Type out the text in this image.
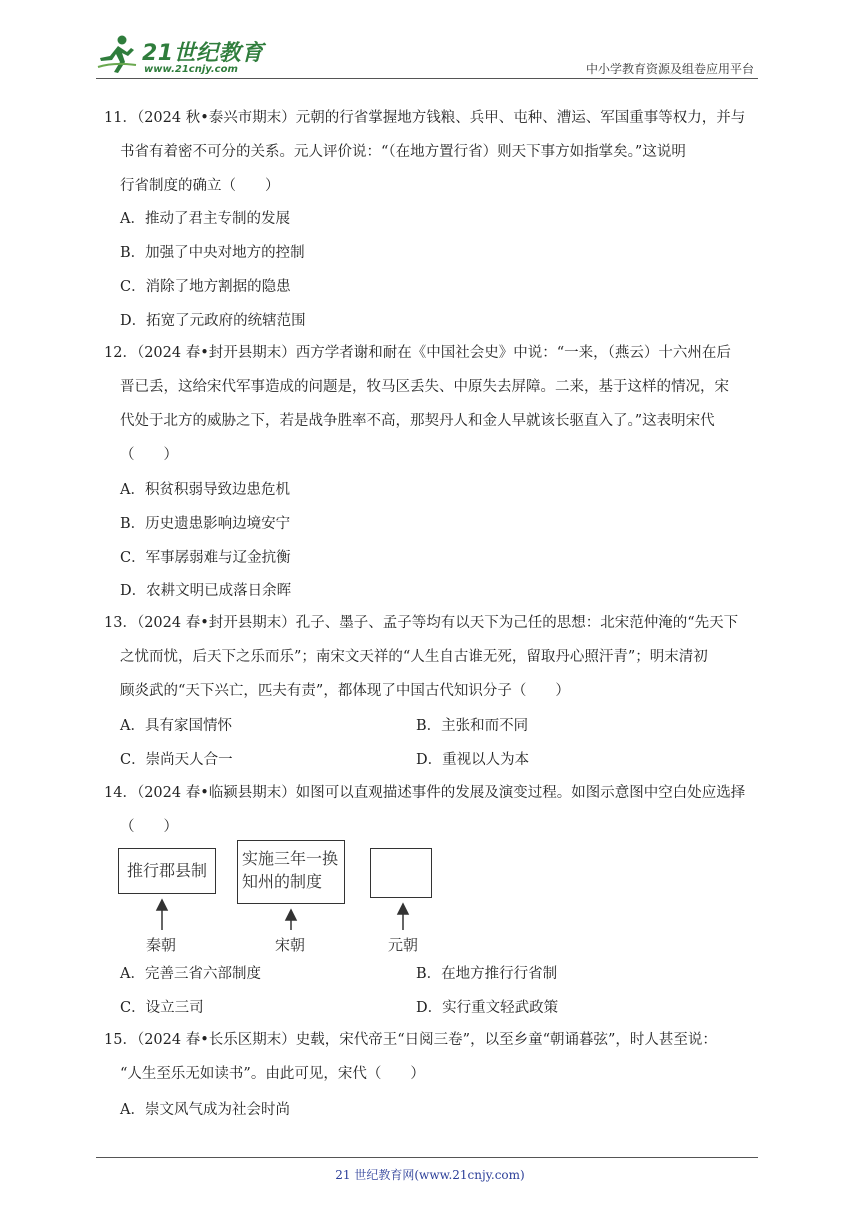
21世纪教育
www.21cnjy.com	中小学教育资源及组卷应用平台

11．（2024 秋•泰兴市期末）元朝的行省掌握地方钱粮、兵甲、屯种、漕运、军国重事等权力，并与

书省有着密不可分的关系。元人评价说：“（在地方置行省）则天下事方如指掌矣。”这说明

行省制度的确立（　　）

A．推动了君主专制的发展
B．加强了中央对地方的控制
C．消除了地方割据的隐患
D．拓宽了元政府的统辖范围

12．（2024 春•封开县期末）西方学者谢和耐在《中国社会史》中说：“一来，（燕云）十六州在后

晋已丢，这给宋代军事造成的问题是，牧马区丢失、中原失去屏障。二来，基于这样的情况，宋

代处于北方的威胁之下，若是战争胜率不高，那契丹人和金人早就该长驱直入了。”这表明宋代

（　　）

A．积贫积弱导致边患危机
B．历史遗患影响边境安宁
C．军事孱弱难与辽金抗衡
D．农耕文明已成落日余晖

13．（2024 春•封开县期末）孔子、墨子、孟子等均有以天下为己任的思想：北宋范仲淹的“先天下

之忧而忧，后天下之乐而乐”；南宋文天祥的“人生自古谁无死，留取丹心照汗青”；明末清初

顾炎武的“天下兴亡，匹夫有责”，都体现了中国古代知识分子（　　）

A．具有家国情怀	B．主张和而不同
C．崇尚天人合一	D．重视以人为本

14．（2024 春•临颍县期末）如图可以直观描述事件的发展及演变过程。如图示意图中空白处应选择

（　　）

推行郡县制
实施三年一换
知州的制度
秦朝	宋朝	元朝
A．完善三省六部制度	B．在地方推行行省制
C．设立三司	D．实行重文轻武政策

15．（2024 春•长乐区期末）史载，宋代帝王“日阅三卷”，以至乡童“朝诵暮弦”，时人甚至说：

“人生至乐无如读书”。由此可见，宋代（　　）

A．崇文风气成为社会时尚
21 世纪教育网(www.21cnjy.com)
